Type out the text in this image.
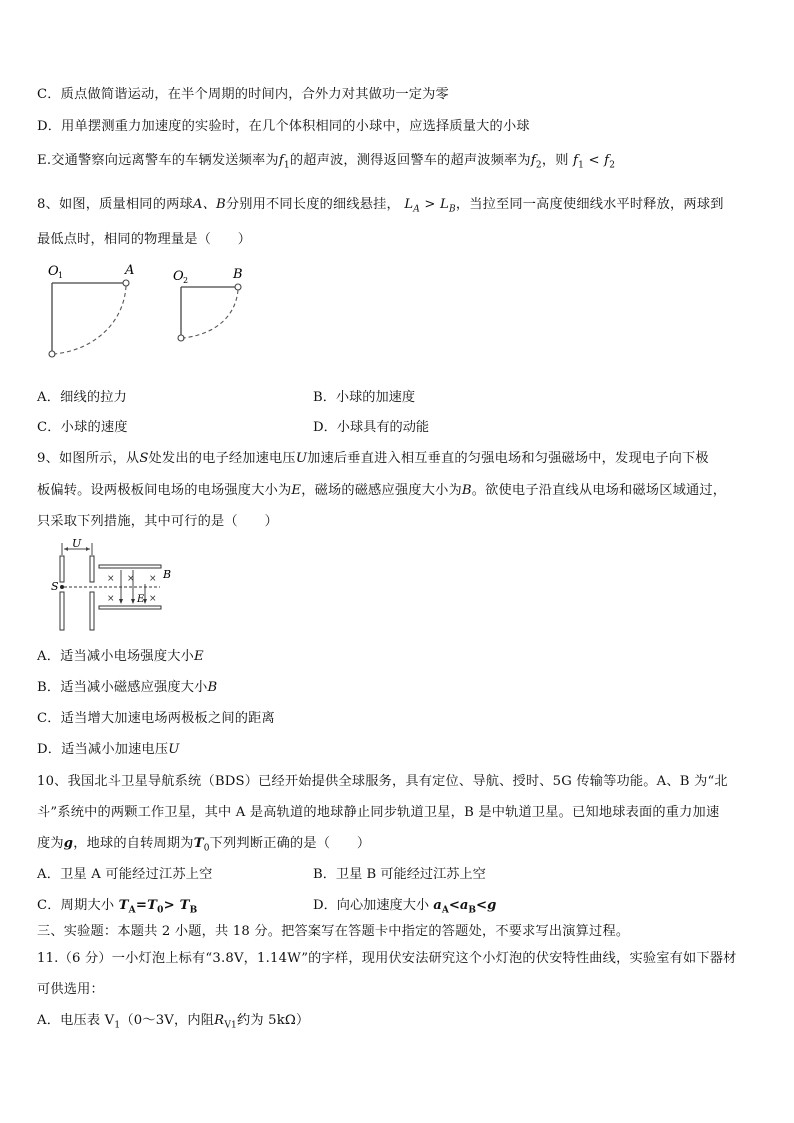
C．质点做简谐运动，在半个周期的时间内，合外力对其做功一定为零
D．用单摆测重力加速度的实验时，在几个体积相同的小球中，应选择质量大的小球
E.交通警察向远离警车的车辆发送频率为$f_1$的超声波，测得返回警车的超声波频率为$f_2$，则 $f_1 < f_2$
8、如图，质量相同的两球A、B分别用不同长度的细线悬挂， $L_A > L_B$，当拉至同一高度使细线水平时释放，两球到
最低点时，相同的物理量是（　　）
O 1	A	O 2	B
A．细线的拉力	B．小球的加速度
C．小球的速度	D．小球具有的动能
9、如图所示，从S处发出的电子经加速电压U加速后垂直进入相互垂直的匀强电场和匀强磁场中，发现电子向下极
板偏转。设两极板间电场的电场强度大小为E，磁场的磁感应强度大小为B。欲使电子沿直线从电场和磁场区域通过，
只采取下列措施，其中可行的是（　　）
U
S
B
× × ×
×	×
E
A．适当减小电场强度大小E
B．适当减小磁感应强度大小B
C．适当增大加速电场两极板之间的距离
D．适当减小加速电压U
10、我国北斗卫星导航系统（BDS）已经开始提供全球服务，具有定位、导航、授时、5G 传输等功能。A、B 为“北
斗”系统中的两颗工作卫星，其中 A 是高轨道的地球静止同步轨道卫星，B 是中轨道卫星。已知地球表面的重力加速
度为g，地球的自转周期为$T_0$下列判断正确的是（　　）
A．卫星 A 可能经过江苏上空	B．卫星 B 可能经过江苏上空
C．周期大小 $T_A=T_0> T_B$	D．向心加速度大小 $a_A<a_B<g$
三、实验题：本题共 2 小题，共 18 分。把答案写在答题卡中指定的答题处，不要求写出演算过程。
11.（6 分）一小灯泡上标有“3.8V，1.14W”的字样，现用伏安法研究这个小灯泡的伏安特性曲线，实验室有如下器材
可供选用：
A．电压表 $V_1(0\sim 3V$，内阻$R_{V1}$约为 5kΩ）
